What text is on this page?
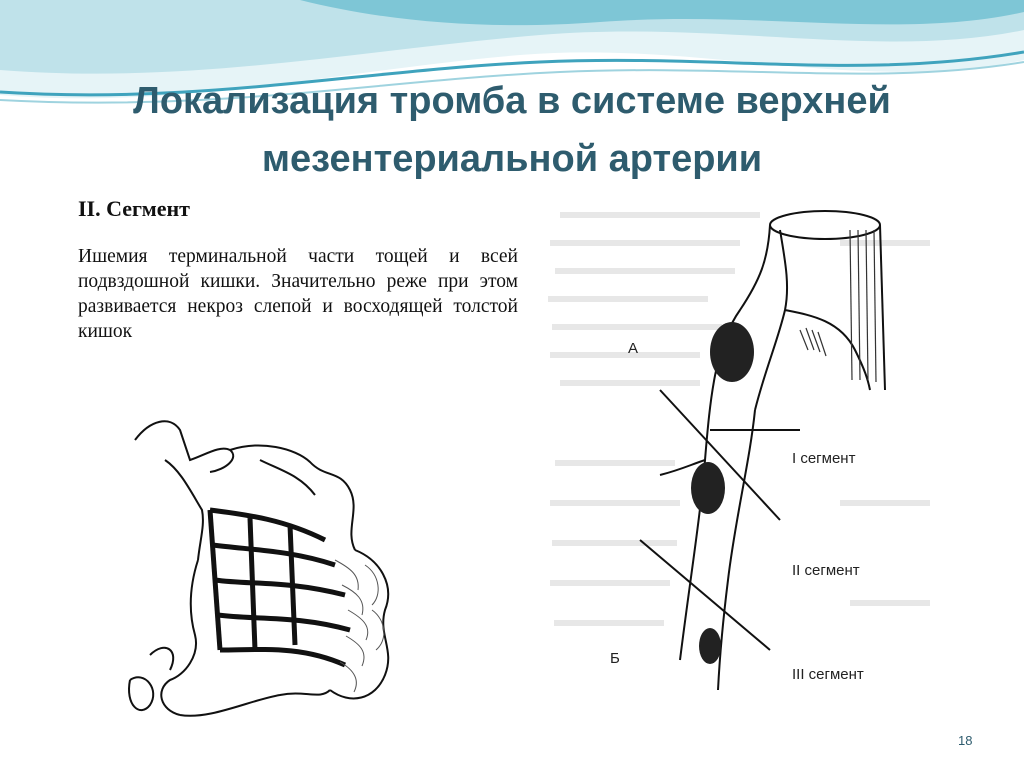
Локализация тромба в системе верхней
мезентериальной артерии

II. Сегмент

Ишемия терминальной части тощей и всей подвздошной кишки. Значительно реже при этом развивается некроз слепой и восходящей толстой кишок

А
Б
I сегмент
II сегмент
III сегмент
18
